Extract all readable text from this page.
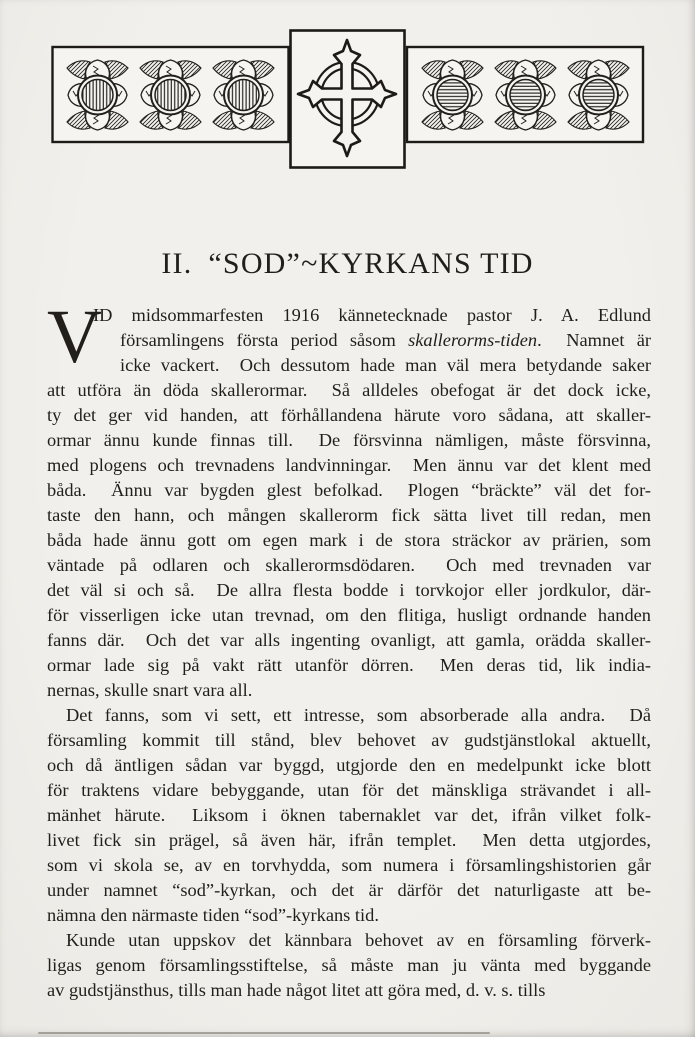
II. “SOD”~KYRKANS TID
V
ID midsommarfesten 1916 kännetecknade pastor J. A. Edlund
församlingens första period såsom skallerorms-tiden.  Namnet är
icke vackert.  Och dessutom hade man väl mera betydande saker
att utföra än döda skallerormar.  Så alldeles obefogat är det dock icke,
ty det ger vid handen, att förhållandena härute voro sådana, att skaller-
ormar ännu kunde finnas till.  De försvinna nämligen, måste försvinna,
med plogens och trevnadens landvinningar.  Men ännu var det klent med
båda.  Ännu var bygden glest befolkad.  Plogen “bräckte” väl det for-
taste den hann, och mången skallerorm fick sätta livet till redan, men
båda hade ännu gott om egen mark i de stora sträckor av prärien, som
väntade på odlaren och skallerormsdödaren.  Och med trevnaden var
det väl si och så.  De allra flesta bodde i torvkojor eller jordkulor, där-
för visserligen icke utan trevnad, om den flitiga, husligt ordnande handen
fanns där.  Och det var alls ingenting ovanligt, att gamla, orädda skaller-
ormar lade sig på vakt rätt utanför dörren.  Men deras tid, lik india-
nernas, skulle snart vara all.
Det fanns, som vi sett, ett intresse, som absorberade alla andra.  Då
församling kommit till stånd, blev behovet av gudstjänstlokal aktuellt,
och då äntligen sådan var byggd, utgjorde den en medelpunkt icke blott
för traktens vidare bebyggande, utan för det mänskliga strävandet i all-
mänhet härute.  Liksom i öknen tabernaklet var det, ifrån vilket folk-
livet fick sin prägel, så även här, ifrån templet.  Men detta utgjordes,
som vi skola se, av en torvhydda, som numera i församlingshistorien går
under namnet “sod”-kyrkan, och det är därför det naturligaste att be-
nämna den närmaste tiden “sod”-kyrkans tid.
Kunde utan uppskov det kännbara behovet av en församling förverk-
ligas genom församlingsstiftelse, så måste man ju vänta med byggande
av gudstjänsthus, tills man hade något litet att göra med, d. v. s. tills
